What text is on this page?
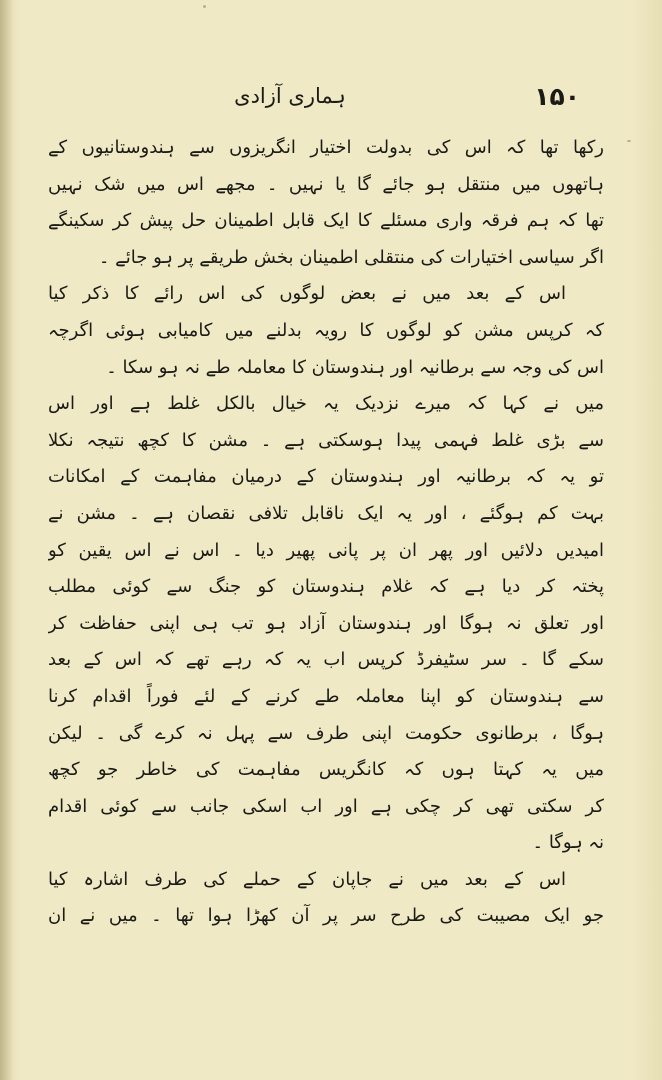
ہماری آزادی	۱۵۰
رکھا تھا کہ اس کی بدولت اختیار انگریزوں سے ہندوستانیوں کے
ہاتھوں میں منتقل ہو جائے گا یا نہیں ۔ مجھے اس میں شک نہیں
تھا کہ ہم فرقہ واری مسئلے کا ایک قابل اطمینان حل پیش کر سکینگے
اگر سیاسی اختیارات کی منتقلی اطمینان بخش طریقے پر ہو جائے ۔
اس کے بعد میں نے بعض لوگوں کی اس رائے کا ذکر کیا
کہ کرپس مشن کو لوگوں کا رویہ بدلنے میں کامیابی ہوئی اگرچہ
اس کی وجہ سے برطانیہ اور ہندوستان کا معاملہ طے نہ ہو سکا ۔
میں نے کہا کہ میرے نزدیک یہ خیال بالکل غلط ہے اور اس
سے بڑی غلط فہمی پیدا ہوسکتی ہے ۔ مشن کا کچھ نتیجہ نکلا
تو یہ کہ برطانیہ اور ہندوستان کے درمیان مفاہمت کے امکانات
بہت کم ہوگئے ، اور یہ ایک ناقابل تلافی نقصان ہے ۔ مشن نے
امیدیں دلائیں اور پھر ان پر پانی پھیر دیا ۔ اس نے اس یقین کو
پختہ کر دیا ہے کہ غلام ہندوستان کو جنگ سے کوئی مطلب
اور تعلق نہ ہوگا اور ہندوستان آزاد ہو تب ہی اپنی حفاظت کر
سکے گا ۔ سر سٹیفرڈ کرپس اب یہ کہ رہے تھے کہ اس کے بعد
سے ہندوستان کو اپنا معاملہ طے کرنے کے لئے فوراً اقدام کرنا
ہوگا ، برطانوی حکومت اپنی طرف سے پہل نہ کرے گی ۔ لیکن
میں یہ کہتا ہوں کہ کانگریس مفاہمت کی خاطر جو کچھ
کر سکتی تھی کر چکی ہے اور اب اسکی جانب سے کوئی اقدام
نہ ہوگا ۔
اس کے بعد میں نے جاپان کے حملے کی طرف اشارہ کیا
جو ایک مصیبت کی طرح سر پر آن کھڑا ہوا تھا ۔ میں نے ان
